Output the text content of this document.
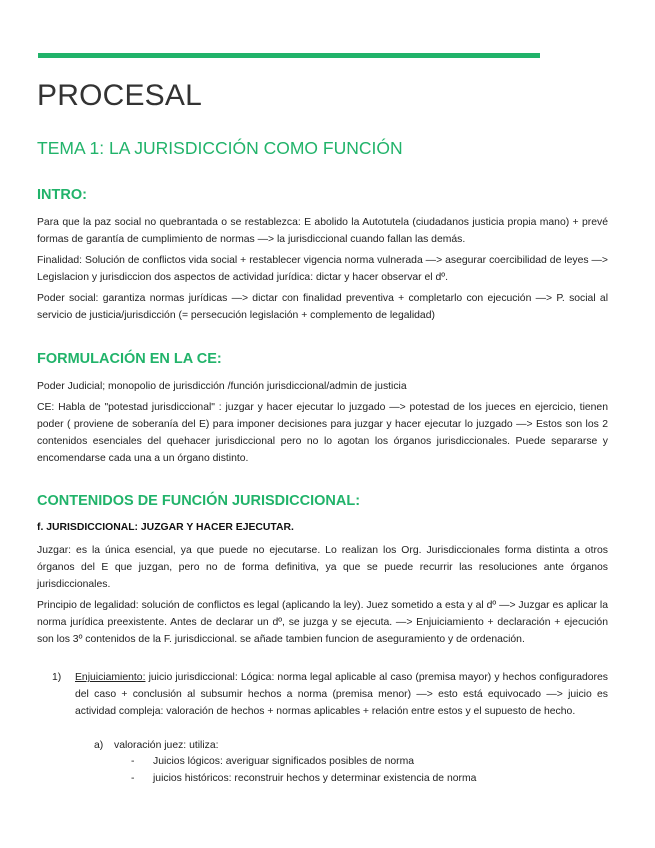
PROCESAL
TEMA 1: LA JURISDICCIÓN COMO FUNCIÓN
INTRO:

Para que la paz social no quebrantada o se restablezca: E abolido la Autotutela (ciudadanos justicia propia mano) + prevé formas de garantía de cumplimiento de normas —> la jurisdiccional cuando fallan las demás.

Finalidad: Solución de conflictos vida social + restablecer vigencia norma vulnerada —> asegurar coercibilidad de leyes —> Legislacion y jurisdiccion dos aspectos de actividad jurídica: dictar y hacer observar el dº.

Poder social: garantiza normas jurídicas —> dictar con finalidad preventiva + completarlo con ejecución —> P. social al servicio de justicia/jurisdicción (= persecución legislación + complemento de legalidad)

FORMULACIÓN EN LA CE:

Poder Judicial; monopolio de jurisdicción /función jurisdiccional/admin de justicia

CE: Habla de "potestad jurisdiccional" : juzgar y hacer ejecutar lo juzgado —> potestad de los jueces en ejercicio, tienen poder ( proviene de soberanía del E) para imponer decisiones para juzgar y hacer ejecutar lo juzgado —> Estos son los 2 contenidos esenciales del quehacer jurisdiccional pero no lo agotan los órganos jurisdiccionales. Puede separarse y encomendarse cada una a un órgano distinto.

CONTENIDOS DE FUNCIÓN JURISDICCIONAL:

f. JURISDICCIONAL: JUZGAR Y HACER EJECUTAR.

Juzgar: es la única esencial, ya que puede no ejecutarse. Lo realizan los Org. Jurisdiccionales forma distinta a otros órganos del E que juzgan, pero no de forma definitiva, ya que se puede recurrir las resoluciones ante órganos jurisdiccionales.

Principio de legalidad: solución de conflictos es legal (aplicando la ley). Juez sometido a esta y al dº —> Juzgar es aplicar la norma jurídica preexistente. Antes de declarar un dº, se juzga y se ejecuta. —> Enjuiciamiento + declaración + ejecución son los 3º contenidos de la F. jurisdiccional. se añade tambien funcion de aseguramiento y de ordenación.

1) Enjuiciamiento: juicio jurisdiccional: Lógica: norma legal aplicable al caso (premisa mayor) y hechos configuradores del caso + conclusión al subsumir hechos a norma (premisa menor) —> esto está equivocado —> juicio es actividad compleja: valoración de hechos + normas aplicables + relación entre estos y el supuesto de hecho.

a) valoración juez: utiliza:

- Juicios lógicos: averiguar significados posibles de norma

- juicios históricos: reconstruir hechos y determinar existencia de norma
